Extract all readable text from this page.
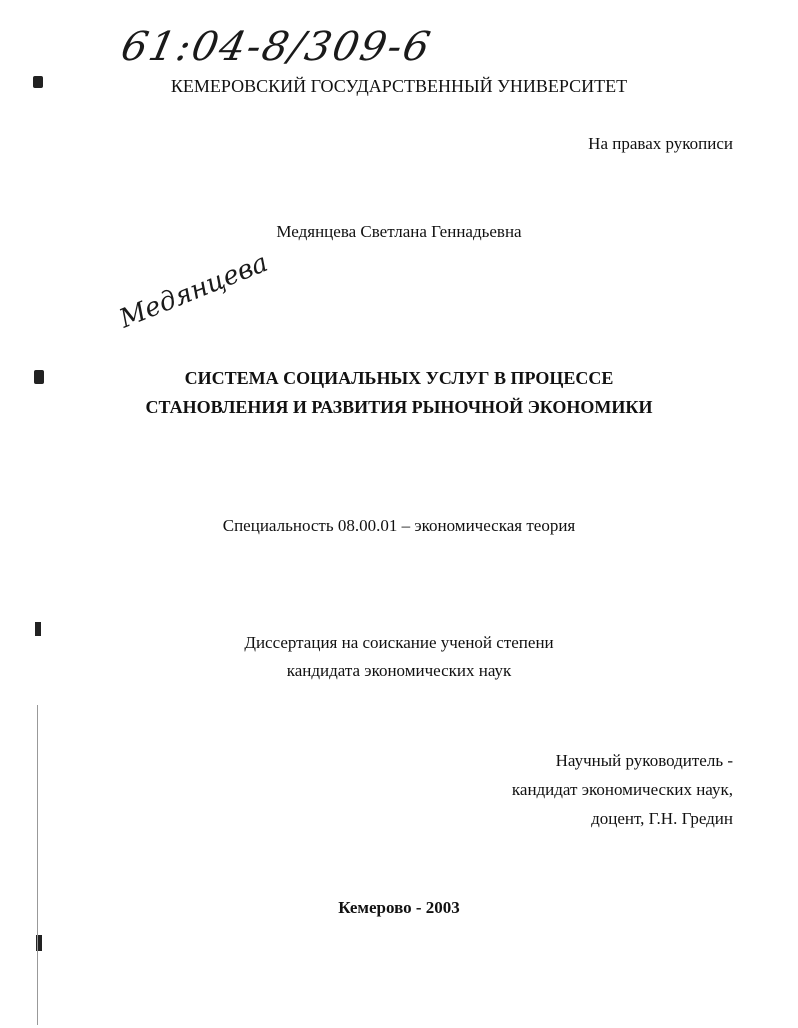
61:04-8/309-6
КЕМЕРОВСКИЙ ГОСУДАРСТВЕННЫЙ УНИВЕРСИТЕТ
На правах рукописи
Медянцева Светлана Геннадьевна
Медянцева
СИСТЕМА СОЦИАЛЬНЫХ УСЛУГ В ПРОЦЕССЕ
СТАНОВЛЕНИЯ И РАЗВИТИЯ РЫНОЧНОЙ ЭКОНОМИКИ
Специальность 08.00.01 – экономическая теория
Диссертация на соискание ученой степени
кандидата экономических наук
Научный руководитель -
кандидат экономических наук,
доцент, Г.Н. Гредин
Кемерово - 2003
